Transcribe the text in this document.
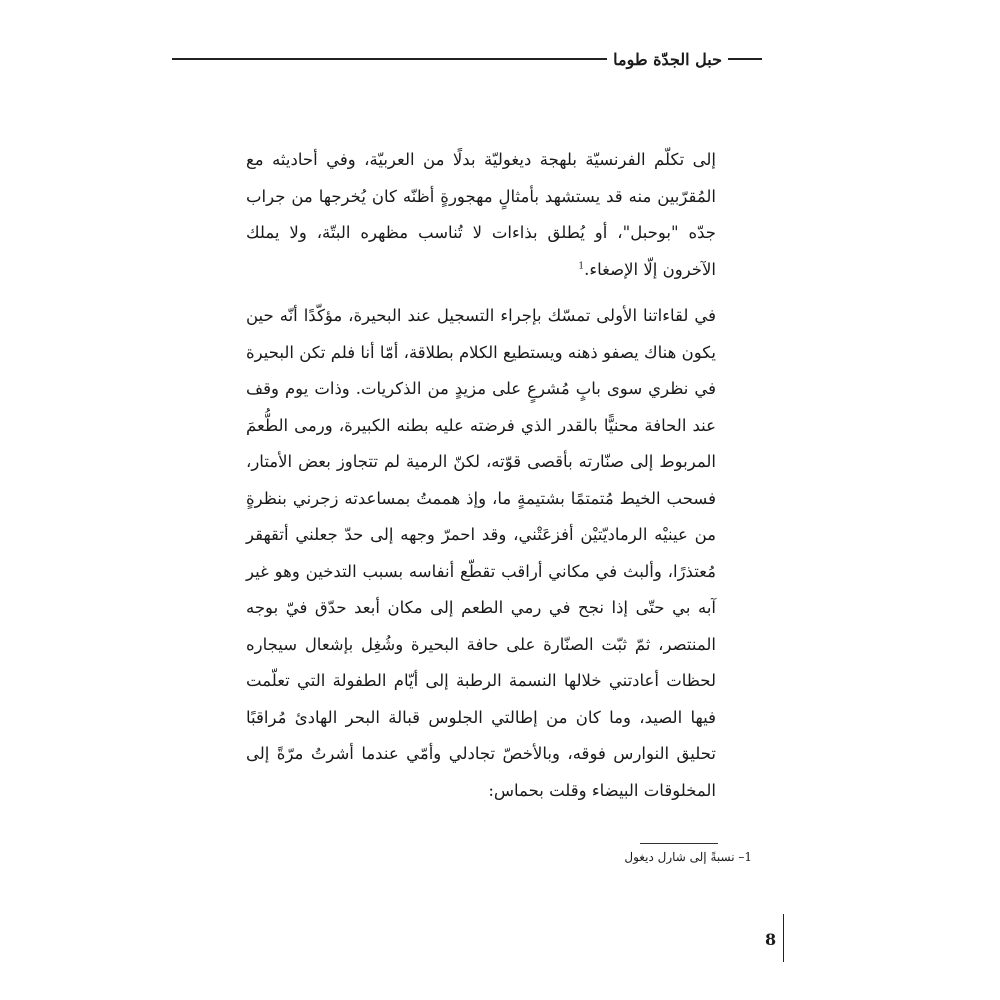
حبل الجدّة طوما

إلى تكلّم الفرنسيّة بلهجة ديغوليّة بدلًا من العربيّة، وفي أحاديثه مع المُقرّبين منه قد يستشهد بأمثالٍ مهجورةٍ أظنّه كان يُخرجها من جراب جدّه "بوحبل"، أو يُطلق بذاءات لا تُناسب مظهره البتّة، ولا يملك الآخرون إلّا الإصغاء.$^1$

في لقاءاتنا الأولى تمسّك بإجراء التسجيل عند البحيرة، مؤكّدًا أنّه حين يكون هناك يصفو ذهنه ويستطيع الكلام بطلاقة، أمّا أنا فلم تكن البحيرة في نظري سوى بابٍ مُشرعٍ على مزيدٍ من الذكريات. وذات يوم وقف عند الحافة محنيًّا بالقدر الذي فرضته عليه بطنه الكبيرة، ورمى الطُّعمَ المربوط إلى صنّارته بأقصى قوّته، لكنّ الرمية لم تتجاوز بعض الأمتار، فسحب الخيط مُتمتمًا بشتيمةٍ ما، وإذ هممتُ بمساعدته زجرني بنظرةٍ من عينيْه الرماديّتيْن أفزعَتْني، وقد احمرّ وجهه إلى حدّ جعلني أتقهقر مُعتذرًا، وألبث في مكاني أراقب تقطّع أنفاسه بسبب التدخين وهو غير آبه بي حتّى إذا نجح في رمي الطعم إلى مكان أبعد حدّق فيّ بوجه المنتصر، ثمّ ثبّت الصنّارة على حافة البحيرة وشُغِل بإشعال سيجاره لحظات أعادتني خلالها النسمة الرطبة إلى أيّام الطفولة التي تعلّمت فيها الصيد، وما كان من إطالتي الجلوس قبالة البحر الهادئ مُراقبًا تحليق النوارس فوقه، وبالأخصّ تجادلي وأمّي عندما أشرتُ مرّةً إلى المخلوقات البيضاء وقلت بحماس:

1– نسبةً إلى شارل ديغول
8
